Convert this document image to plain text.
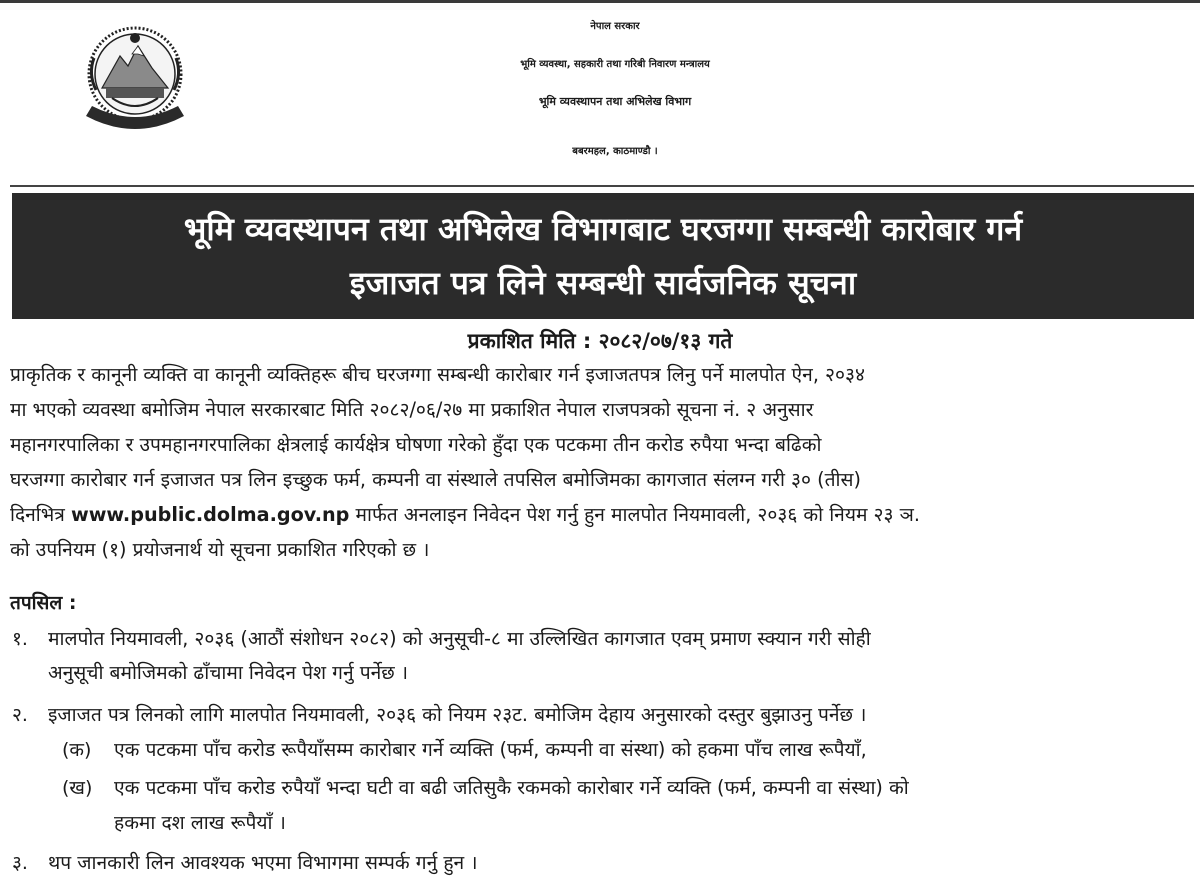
नेपाल सरकार
भूमि व्यवस्था, सहकारी तथा गरिबी निवारण मन्त्रालय
भूमि व्यवस्थापन तथा अभिलेख विभाग
बबरमहल, काठमाण्डौ ।
भूमि व्यवस्थापन तथा अभिलेख विभागबाट घरजग्गा सम्बन्धी कारोबार गर्न
इजाजत पत्र लिने सम्बन्धी सार्वजनिक सूचना
प्रकाशित मिति : २०८२/०७/१३ गते
प्राकृतिक र कानूनी व्यक्ति वा कानूनी व्यक्तिहरू बीच घरजग्गा सम्बन्धी कारोबार गर्न इजाजतपत्र लिनु पर्ने मालपोत ऐन, २०३४
मा भएको व्यवस्था बमोजिम नेपाल सरकारबाट मिति २०८२/०६/२७ मा प्रकाशित नेपाल राजपत्रको सूचना नं. २ अनुसार
महानगरपालिका र उपमहानगरपालिका क्षेत्रलाई कार्यक्षेत्र घोषणा गरेको हुँदा एक पटकमा तीन करोड रुपैया भन्दा बढिको
घरजग्गा कारोबार गर्न इजाजत पत्र लिन इच्छुक फर्म, कम्पनी वा संस्थाले तपसिल बमोजिमका कागजात संलग्न गरी ३० (तीस)
दिनभित्र www.public.dolma.gov.np मार्फत अनलाइन निवेदन पेश गर्नु हुन मालपोत नियमावली, २०३६ को नियम २३ ञ.
को उपनियम (१) प्रयोजनार्थ यो सूचना प्रकाशित गरिएको छ ।
तपसिल :
१. मालपोत नियमावली, २०३६ (आठौं संशोधन २०८२) को अनुसूची-८ मा उल्लिखित कागजात एवम् प्रमाण स्क्यान गरी सोही
अनुसूची बमोजिमको ढाँचामा निवेदन पेश गर्नु पर्नेछ ।
२. इजाजत पत्र लिनको लागि मालपोत नियमावली, २०३६ को नियम २३ट. बमोजिम देहाय अनुसारको दस्तुर बुझाउनु पर्नेछ ।
(क) एक पटकमा पाँच करोड रूपैयाँसम्म कारोबार गर्ने व्यक्ति (फर्म, कम्पनी वा संस्था) को हकमा पाँच लाख रूपैयाँ,
(ख) एक पटकमा पाँच करोड रुपैयाँ भन्दा घटी वा बढी जतिसुकै रकमको कारोबार गर्ने व्यक्ति (फर्म, कम्पनी वा संस्था) को
हकमा दश लाख रूपैयाँ ।
३. थप जानकारी लिन आवश्यक भएमा विभागमा सम्पर्क गर्नु हुन ।
